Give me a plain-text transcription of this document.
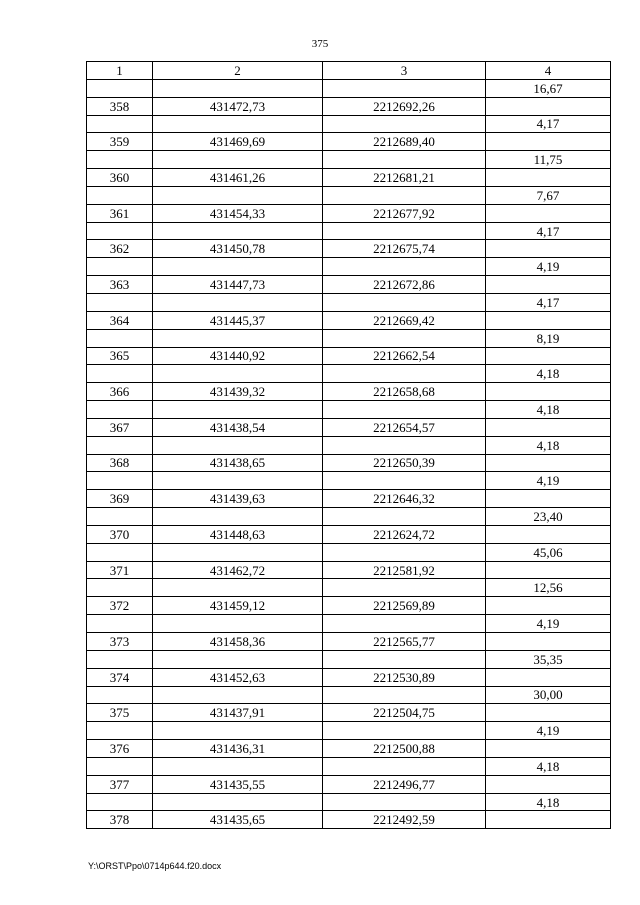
375
1	2	3	4
			16,67
358	431472,73	2212692,26	
			4,17
359	431469,69	2212689,40	
			11,75
360	431461,26	2212681,21	
			7,67
361	431454,33	2212677,92	
			4,17
362	431450,78	2212675,74	
			4,19
363	431447,73	2212672,86	
			4,17
364	431445,37	2212669,42	
			8,19
365	431440,92	2212662,54	
			4,18
366	431439,32	2212658,68	
			4,18
367	431438,54	2212654,57	
			4,18
368	431438,65	2212650,39	
			4,19
369	431439,63	2212646,32	
			23,40
370	431448,63	2212624,72	
			45,06
371	431462,72	2212581,92	
			12,56
372	431459,12	2212569,89	
			4,19
373	431458,36	2212565,77	
			35,35
374	431452,63	2212530,89	
			30,00
375	431437,91	2212504,75	
			4,19
376	431436,31	2212500,88	
			4,18
377	431435,55	2212496,77	
			4,18
378	431435,65	2212492,59	
Y:\ORST\Ppo\0714p644.f20.docx
